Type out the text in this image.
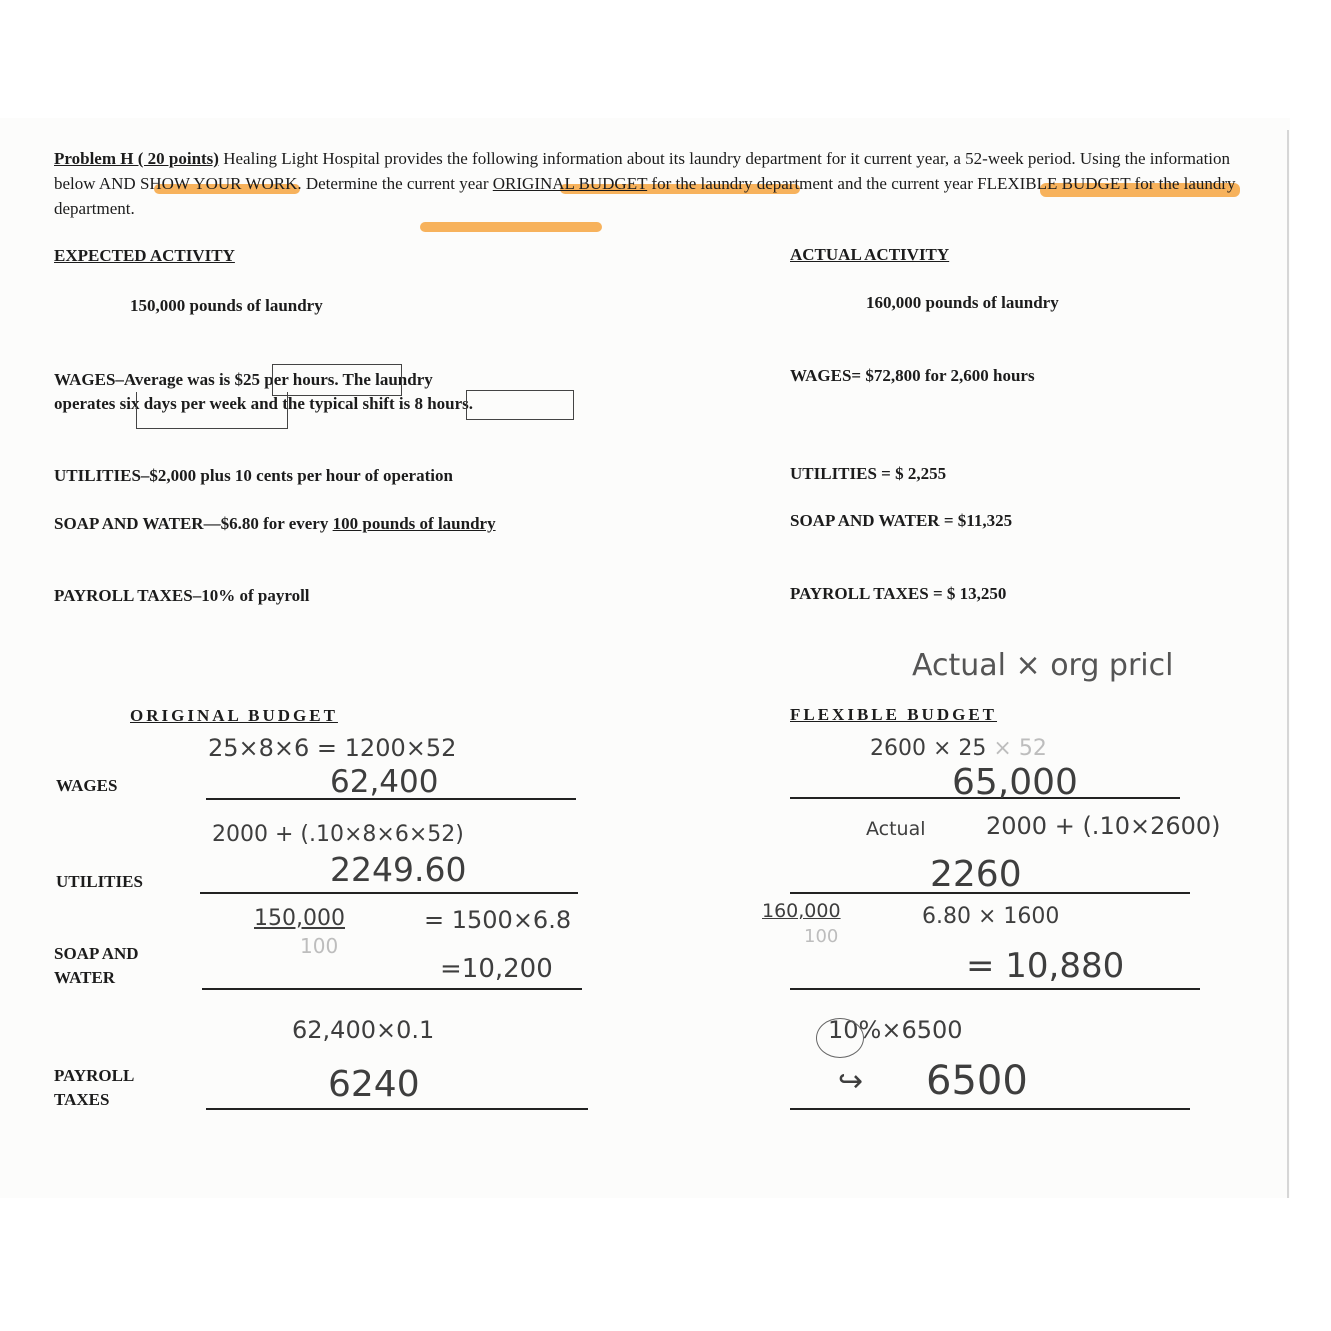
Problem H ( 20 points) Healing Light Hospital provides the following information about its laundry department for it current year, a 52-week period. Using the information below AND SHOW YOUR WORK. Determine the current year ORIGINAL BUDGET for the laundry department and the current year FLEXIBLE BUDGET for the laundry department.
EXPECTED ACTIVITY
150,000 pounds of laundry
WAGES–Average was is $25 per hours. The laundry
operates six days per week and the typical shift is 8 hours.
UTILITIES–$2,000 plus 10 cents per hour of operation
SOAP AND WATER—$6.80 for every 100 pounds of laundry
PAYROLL TAXES–10% of payroll
ACTUAL ACTIVITY
160,000 pounds of laundry
WAGES= $72,800 for 2,600 hours
UTILITIES = $ 2,255
SOAP AND WATER = $11,325
PAYROLL TAXES = $ 13,250
Actual × org pricl
ORIGINAL BUDGET	FLEXIBLE BUDGET
WAGES
UTILITIES
SOAP AND
WATER
PAYROLL
TAXES
25×8×6 = 1200×52
62,400
2000 + (.10×8×6×52)
2249.60
150,000
100
= 1500×6.8
=10,200
62,400×0.1
6240
2600 × 25 × 52
65,000
Actual	2000 + (.10×2600)
2260
160,000
100
6.80 × 1600
= 10,880
10%×6500
↪ 6500
